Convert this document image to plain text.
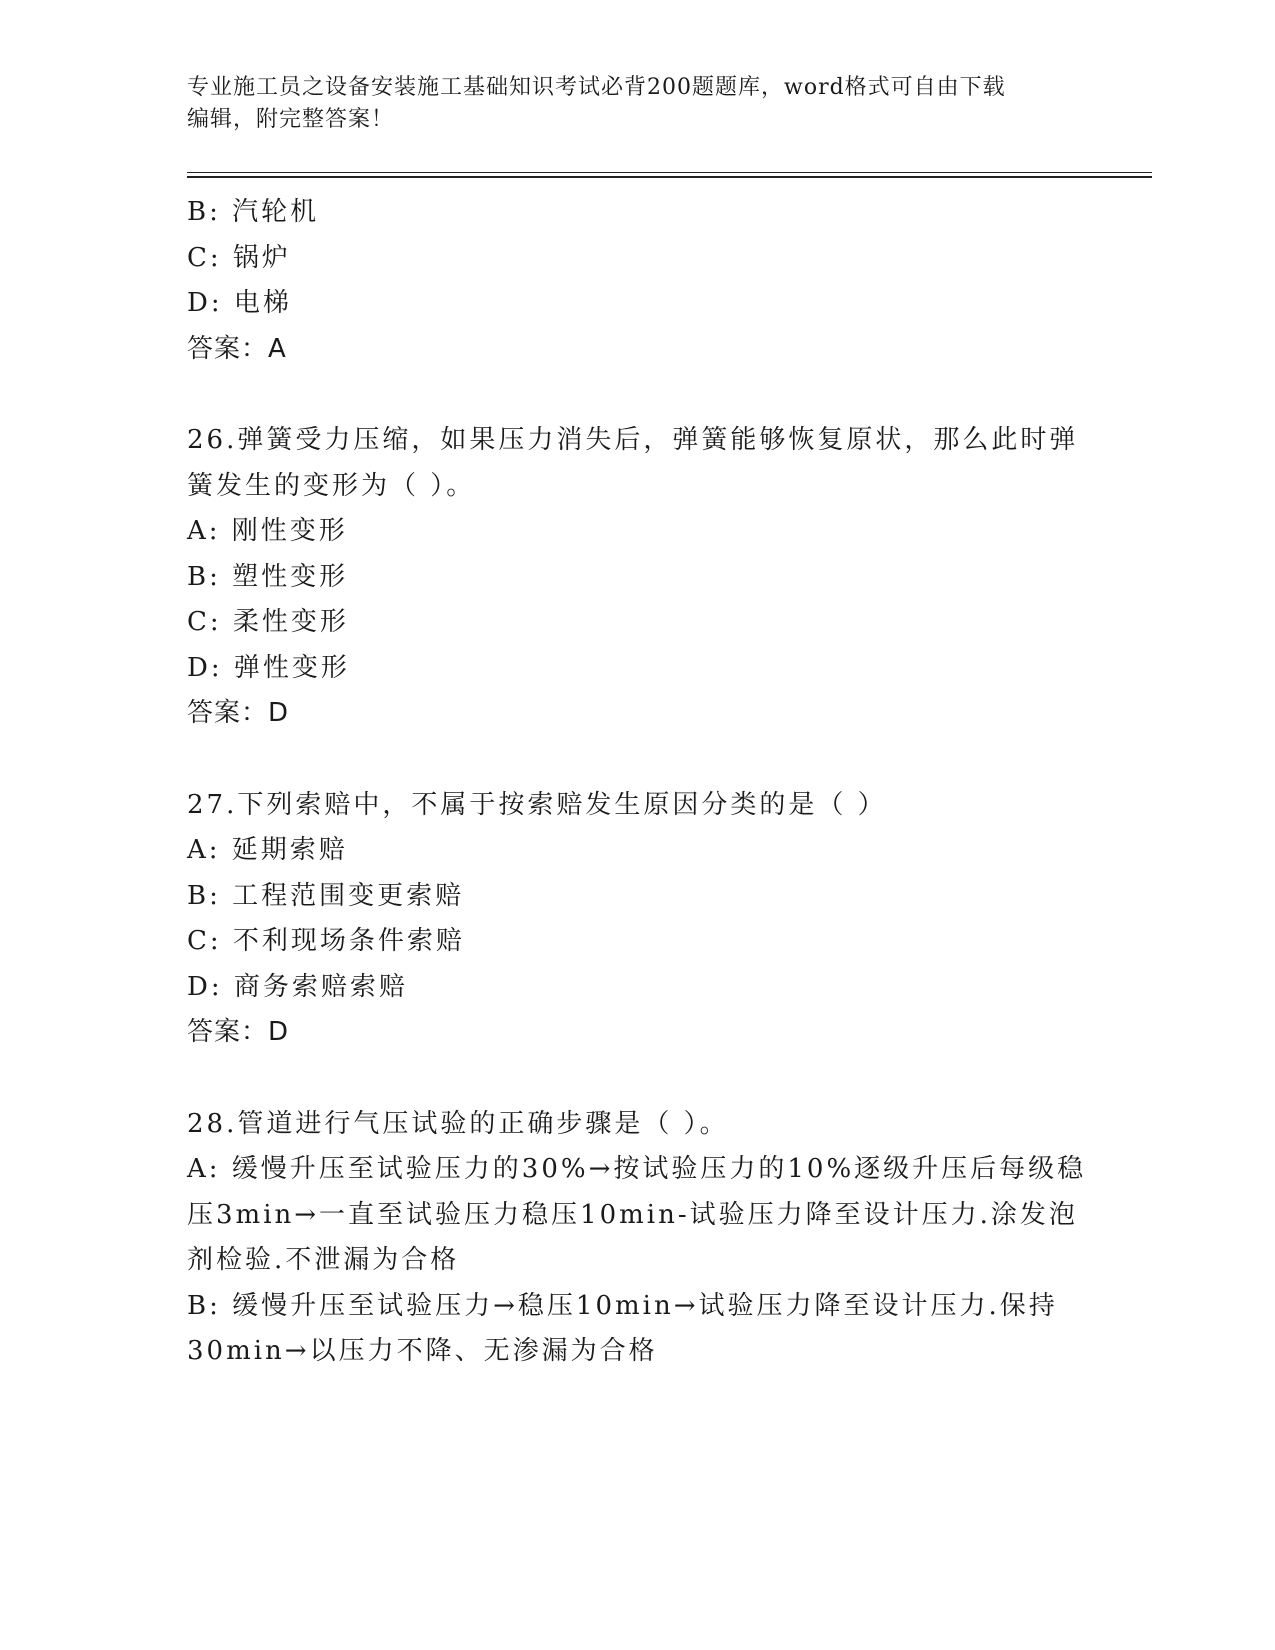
专业施工员之设备安装施工基础知识考试必背200题题库，word格式可自由下载
编辑，附完整答案！
B: 汽轮机
C: 锅炉
D: 电梯
答案：A
26.弹簧受力压缩，如果压力消失后，弹簧能够恢复原状，那么此时弹
簧发生的变形为（ ）。
A: 刚性变形
B: 塑性变形
C: 柔性变形
D: 弹性变形
答案：D
27.下列索赔中，不属于按索赔发生原因分类的是（ ）
A: 延期索赔
B: 工程范围变更索赔
C: 不利现场条件索赔
D: 商务索赔索赔
答案：D
28.管道进行气压试验的正确步骤是（ ）。
A: 缓慢升压至试验压力的30%→按试验压力的10%逐级升压后每级稳
压3min→一直至试验压力稳压10min-试验压力降至设计压力.涂发泡
剂检验.不泄漏为合格
B: 缓慢升压至试验压力→稳压10min→试验压力降至设计压力.保持
30min→以压力不降、无渗漏为合格
